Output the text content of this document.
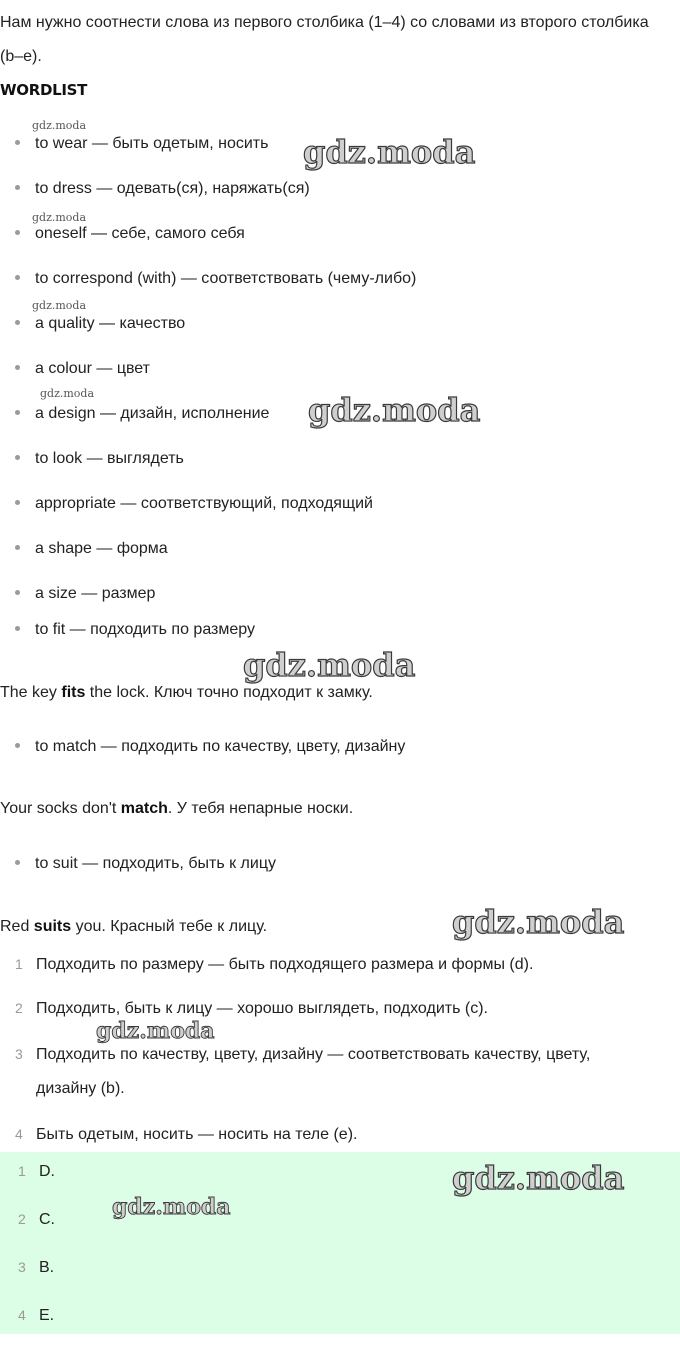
Нам нужно соотнести слова из первого столбика (1–4) со словами из второго столбика (b–e).

WORDLIST
to wear — быть одетым, носить
to dress — одевать(ся), наряжать(ся)
oneself — себе, самого себя
to correspond (with) — соответствовать (чему-либо)
a quality — качество
a colour — цвет
a design — дизайн, исполнение
to look — выглядеть
appropriate — соответствующий, подходящий
a shape — форма
a size — размер
to fit — подходить по размеру
The key fits the lock. Ключ точно подходит к замку.
to match — подходить по качеству, цвету, дизайну
Your socks don't match. У тебя непарные носки.
to suit — подходить, быть к лицу
Red suits you. Красный тебе к лицу.
1 Подходить по размеру — быть подходящего размера и формы (d).
2 Подходить, быть к лицу — хорошо выглядеть, подходить (c).
3 Подходить по качеству, цвету, дизайну — соответствовать качеству, цвету,
дизайну (b).
4 Быть одетым, носить — носить на теле (e).
1 D.
2 C.
3 B.
4 E.
gdz.moda
gdz.moda
gdz.moda
gdz.moda
gdz.moda	gdz.moda
gdz.moda
gdz.moda
gdz.moda
gdz.moda
gdz.moda
